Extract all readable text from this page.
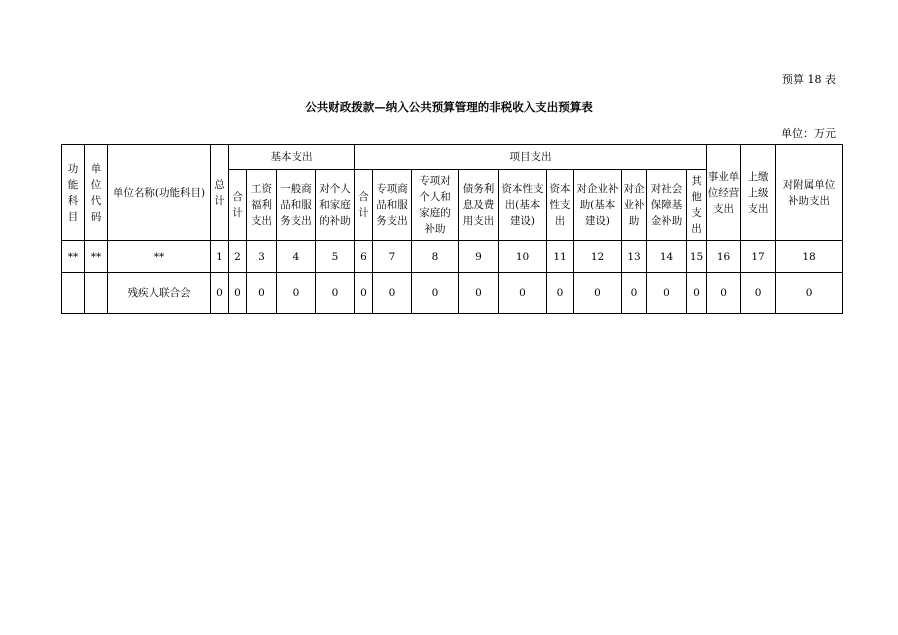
预算 18 表
公共财政拨款—纳入公共预算管理的非税收入支出预算表
单位：万元
功
能
科
目	单
位
代
码	单位名称(功能科目)	总
计	基本支出				项目支出										事业单
位经营
支出	上缴
上级
支出	对附属单位
补助支出

				合
计	工资
福利
支出	一般商
品和服
务支出	对个人
和家庭
的补助	合
计	专项商
品和服
务支出	专项对
个人和
家庭的
补助	债务利
息及费
用支出	资本性支
出(基本
建设)	资本
性支
出	对企业补
助(基本
建设)	对企
业补
助	对社会
保障基
金补助	其
他
支
出			

**	**	**	1	2	3	4	5	6	7	8	9	10	11	12	13	14	15	16	17	18
		残疾人联合会	0	0	0	0	0	0	0	0	0	0	0	0	0	0	0	0	0	0
